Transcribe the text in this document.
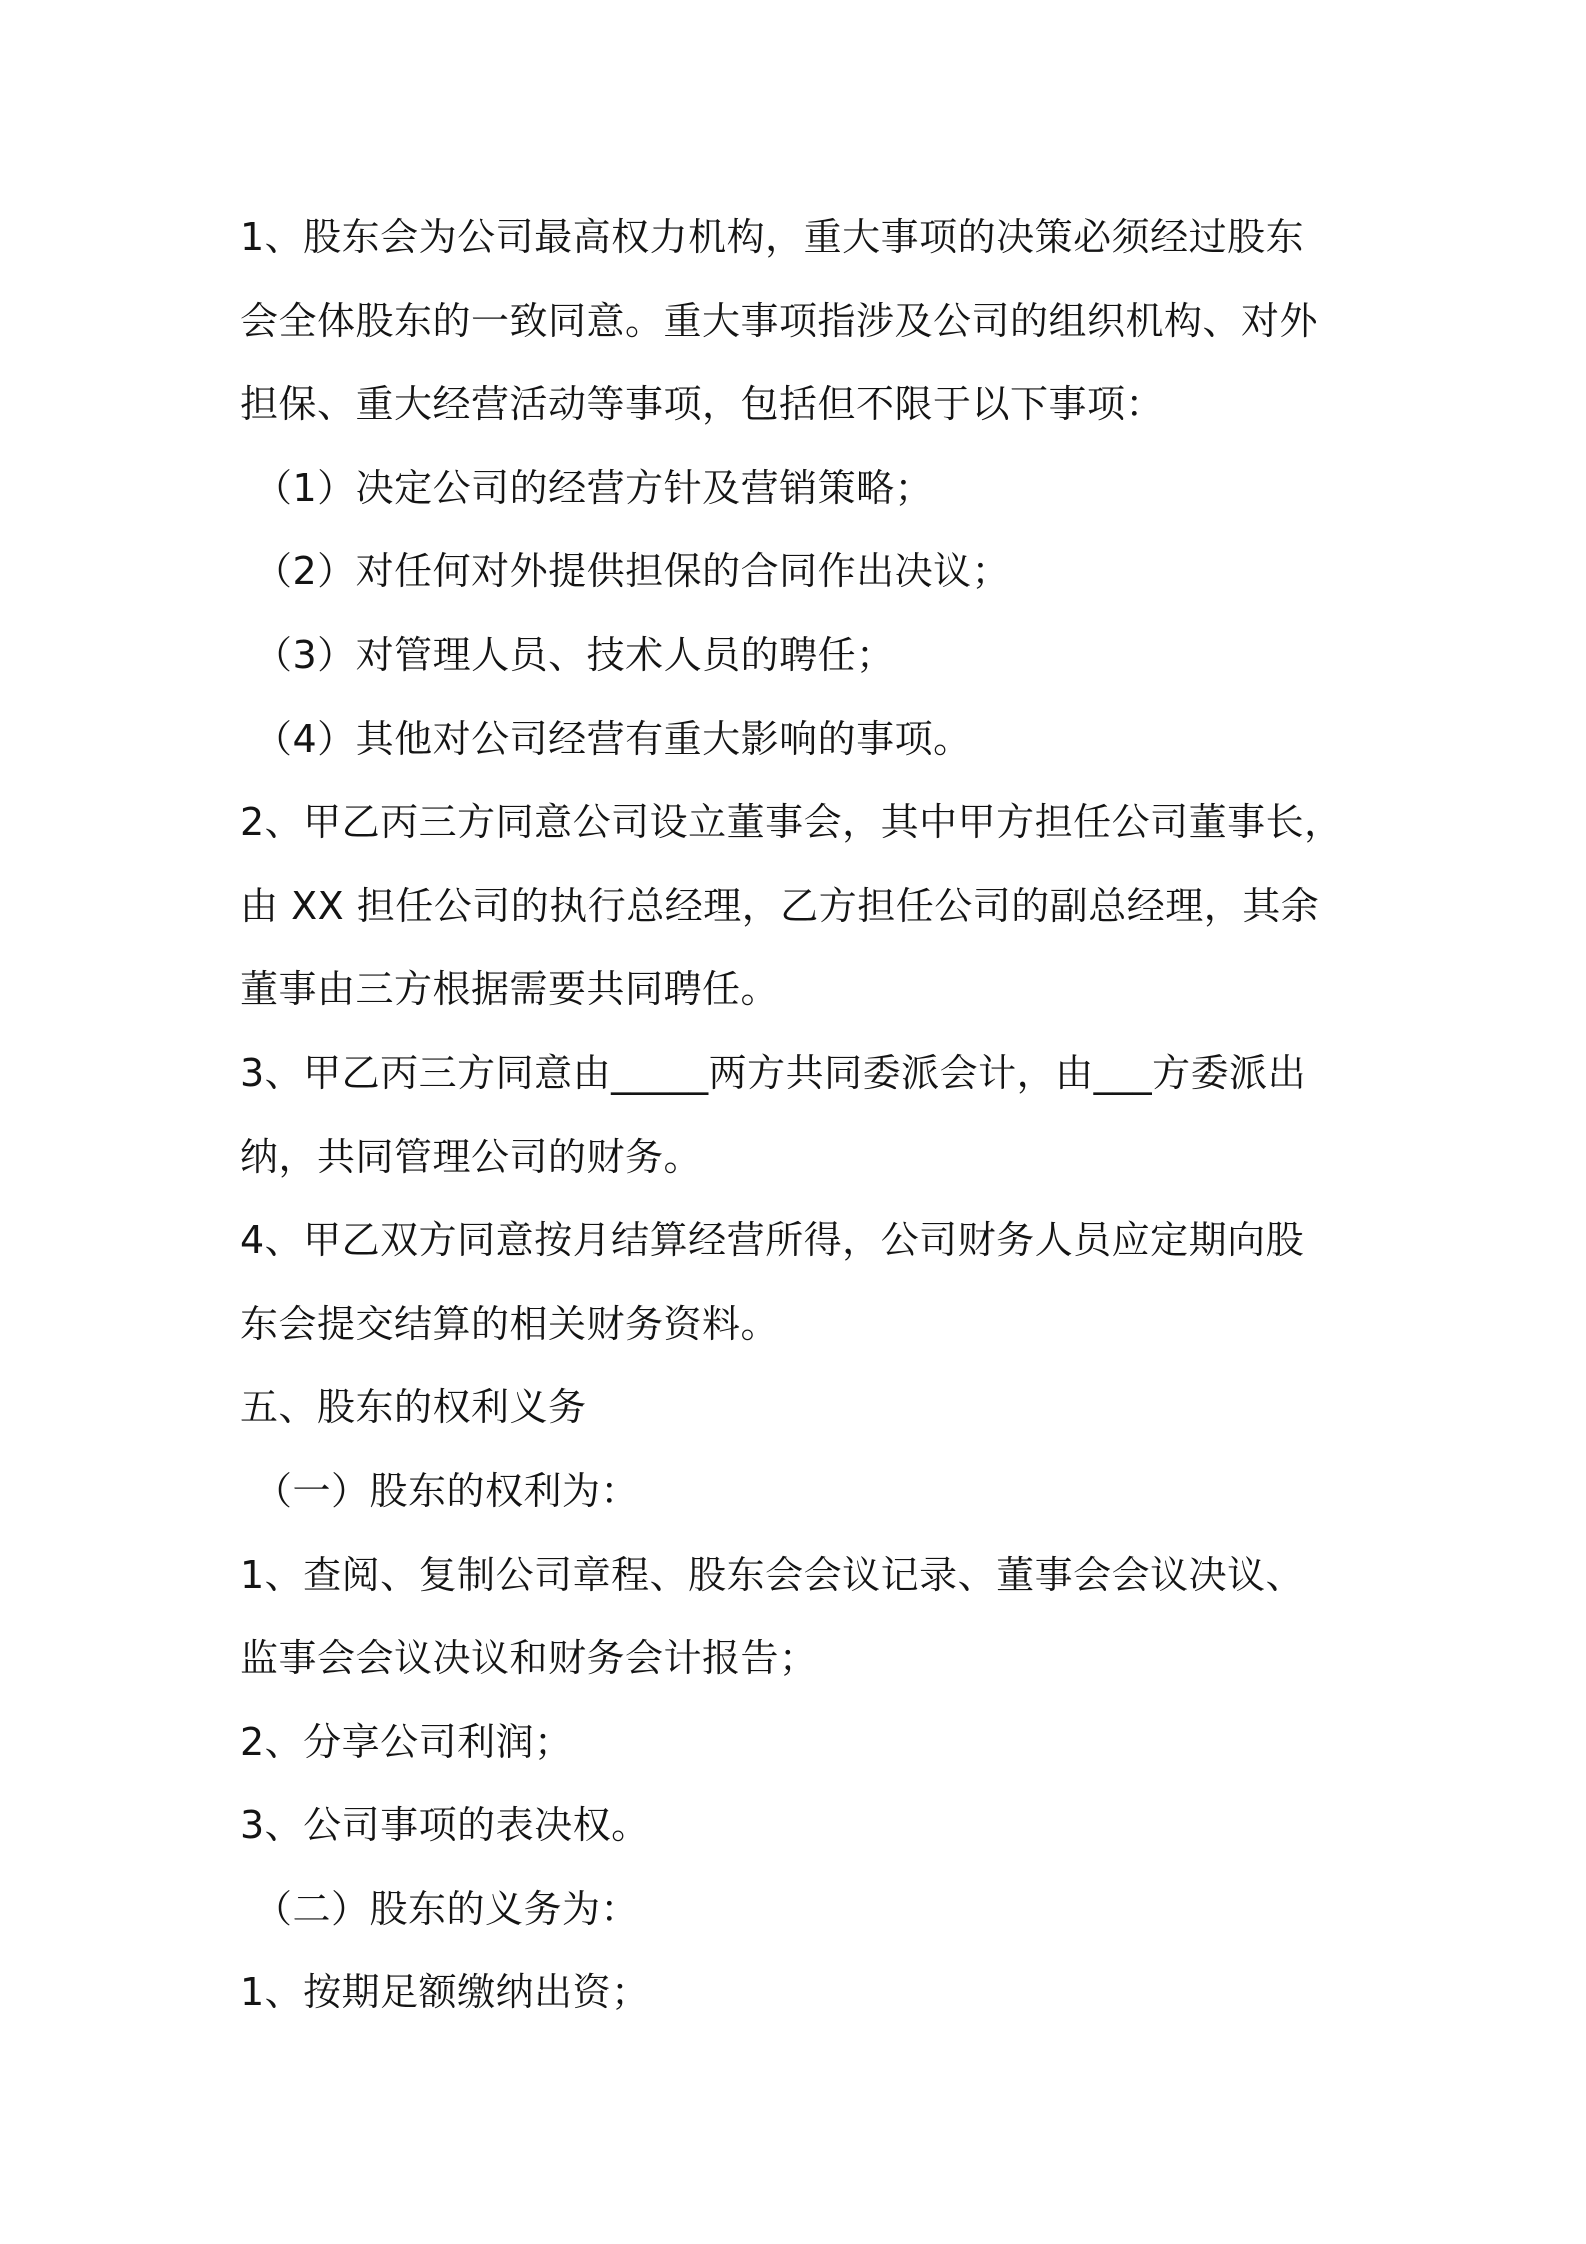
1、股东会为公司最高权力机构，重大事项的决策必须经过股东
会全体股东的一致同意。重大事项指涉及公司的组织机构、对外
担保、重大经营活动等事项，包括但不限于以下事项：
（1）决定公司的经营方针及营销策略；
（2）对任何对外提供担保的合同作出决议；
（3）对管理人员、技术人员的聘任；
（4）其他对公司经营有重大影响的事项。
2、甲乙丙三方同意公司设立董事会，其中甲方担任公司董事长，
由 XX 担任公司的执行总经理，乙方担任公司的副总经理，其余
董事由三方根据需要共同聘任。
3、甲乙丙三方同意由_____两方共同委派会计，由___方委派出
纳，共同管理公司的财务。
4、甲乙双方同意按月结算经营所得，公司财务人员应定期向股
东会提交结算的相关财务资料。
五、股东的权利义务
（一）股东的权利为：
1、查阅、复制公司章程、股东会会议记录、董事会会议决议、
监事会会议决议和财务会计报告；
2、分享公司利润；
3、公司事项的表决权。
（二）股东的义务为：
1、按期足额缴纳出资；
